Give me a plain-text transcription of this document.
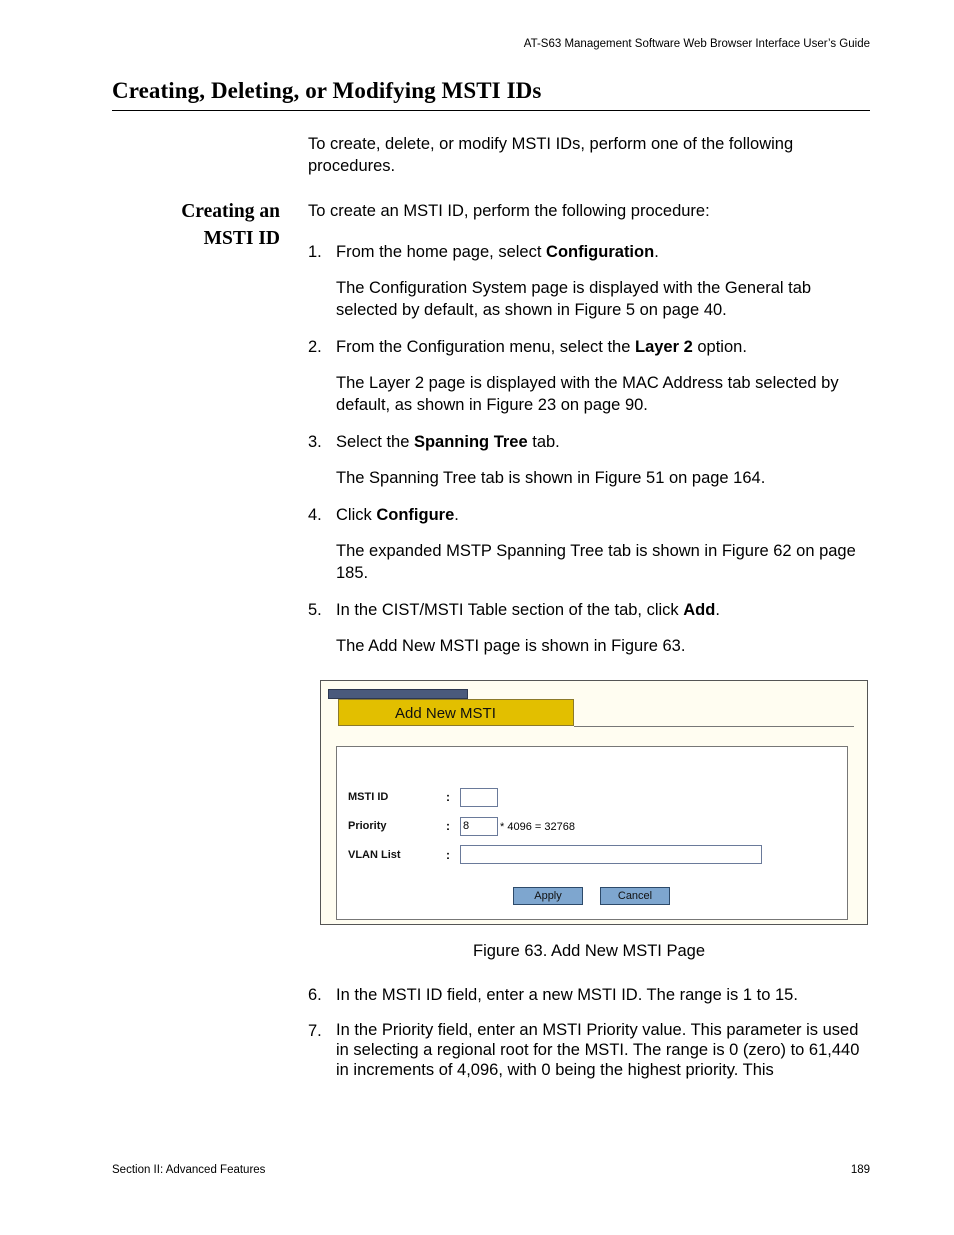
AT-S63 Management Software Web Browser Interface User’s Guide
Creating, Deleting, or Modifying MSTI IDs
To create, delete, or modify MSTI IDs, perform one of the following procedures.
Creating an
MSTI ID
To create an MSTI ID, perform the following procedure:
1. From the home page, select Configuration.
The Configuration System page is displayed with the General tab selected by default, as shown in Figure 5 on page 40.
2. From the Configuration menu, select the Layer 2 option.
The Layer 2 page is displayed with the MAC Address tab selected by default, as shown in Figure 23 on page 90.
3. Select the Spanning Tree tab.
The Spanning Tree tab is shown in Figure 51 on page 164.
4. Click Configure.
The expanded MSTP Spanning Tree tab is shown in Figure 62 on page 185.
5. In the CIST/MSTI Table section of the tab, click Add.
The Add New MSTI page is shown in Figure 63.
Add New MSTI
MSTI ID	:
Priority	: 8	* 4096 = 32768
VLAN List	:
Apply	Cancel
Figure 63. Add New MSTI Page
6. In the MSTI ID field, enter a new MSTI ID. The range is 1 to 15.
7. In the Priority field, enter an MSTI Priority value. This parameter is used in selecting a regional root for the MSTI. The range is 0 (zero) to 61,440 in increments of 4,096, with 0 being the highest priority. This
Section II: Advanced Features	189
